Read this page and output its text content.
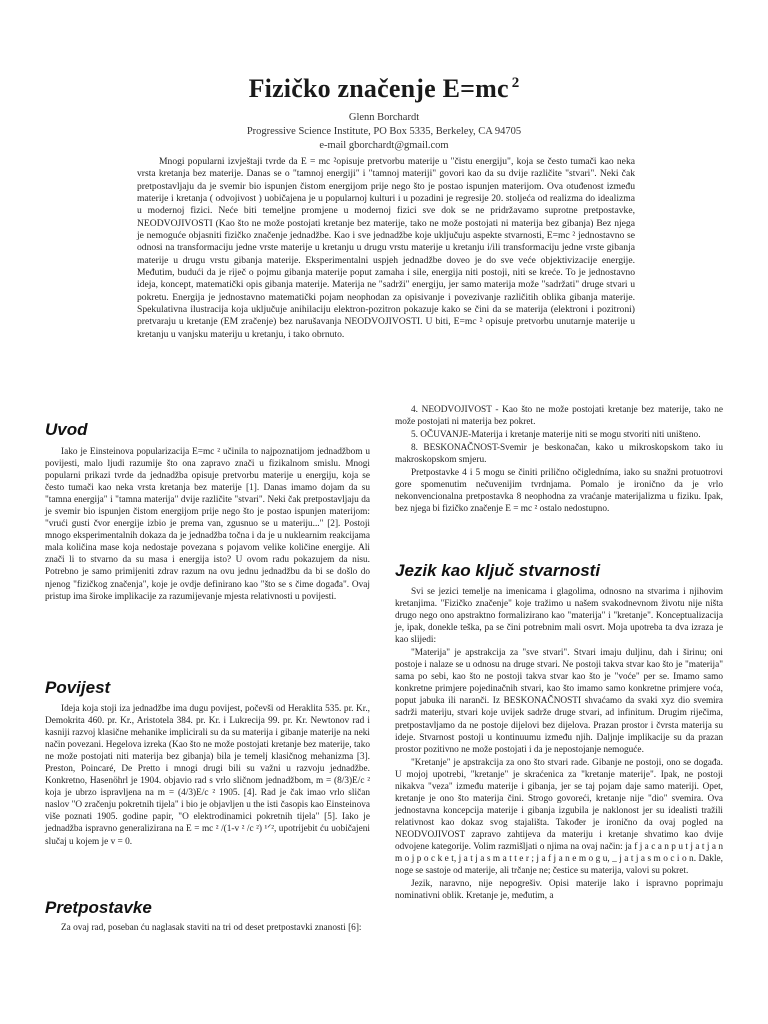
Fizičko značenje E=mc $^2$
Glenn Borchardt
Progressive Science Institute, PO Box 5335, Berkeley, CA 94705
e-mail gborchardt@gmail.com

Mnogi popularni izvještaji tvrde da E = mc ²opisuje pretvorbu materije u "čistu energiju", koja se često tumači kao neka vrsta kretanja bez materije. Danas se o "tamnoj energiji" i "tamnoj materiji" govori kao da su dvije različite "stvari". Neki čak pretpostavljaju da je svemir bio ispunjen čistom energijom prije nego što je postao ispunjen materijom. Ova otuđenost između materije i kretanja ( odvojivost ) uobičajena je u popularnoj kulturi i u pozadini je regresije 20. stoljeća od realizma do idealizma u modernoj fizici. Neće biti temeljne promjene u modernoj fizici sve dok se ne pridržavamo suprotne pretpostavke, NEODVOJIVOSTI (Kao što ne može postojati kretanje bez materije, tako ne može postojati ni materija bez gibanja) Bez njega je nemoguće objasniti fizičko značenje jednadžbe. Kao i sve jednadžbe koje uključuju aspekte stvarnosti, E=mc ² jednostavno se odnosi na transformaciju jedne vrste materije u kretanju u drugu vrstu materije u kretanju i/ili transformaciju jedne vrste gibanja materije u drugu vrstu gibanja materije. Eksperimentalni uspjeh jednadžbe doveo je do sve veće objektivizacije energije. Međutim, budući da je riječ o pojmu gibanja materije poput zamaha i sile, energija niti postoji, niti se kreće. To je jednostavno ideja, koncept, matematički opis gibanja materije. Materija ne "sadrži" energiju, jer samo materija može "sadržati" druge stvari u pokretu. Energija je jednostavno matematički pojam neophodan za opisivanje i povezivanje različitih oblika gibanja materije. Spekulativna ilustracija koja uključuje anihilaciju elektron-pozitron pokazuje kako se čini da se materija (elektroni i pozitroni) pretvaraju u kretanje (EM zračenje) bez narušavanja NEODVOJIVOSTI. U biti, E=mc ² opisuje pretvorbu unutarnje materije u kretanju u vanjsku materiju u kretanju, i tako obrnuto.

Uvod

Iako je Einsteinova popularizacija E=mc ² učinila to najpoznatijom jednadžbom u povijesti, malo ljudi razumije što ona zapravo znači u fizikalnom smislu. Mnogi popularni prikazi tvrde da jednadžba opisuje pretvorbu materije u energiju, koja se često tumači kao neka vrsta kretanja bez materije [1]. Danas imamo dojam da su "tamna energija" i "tamna materija" dvije različite "stvari". Neki čak pretpostavljaju da je svemir bio ispunjen čistom energijom prije nego što je postao ispunjen materijom: "vrući gusti čvor energije izbio je prema van, zgusnuo se u materiju..." [2]. Postoji mnogo eksperimentalnih dokaza da je jednadžba točna i da je u nuklearnim reakcijama mala količina mase koja nedostaje povezana s pojavom velike količine energije. Ali znači li to stvarno da su masa i energija isto? U ovom radu pokazujem da nisu. Potrebno je samo primijeniti zdrav razum na ovu jednu jednadžbu da bi se došlo do njenog "fizičkog značenja", koje je ovdje definirano kao "što se s čime događa". Ovaj pristup ima široke implikacije za razumijevanje mjesta relativnosti u povijesti.

Povijest

Ideja koja stoji iza jednadžbe ima dugu povijest, počevši od Heraklita 535. pr. Kr., Demokrita 460. pr. Kr., Aristotela 384. pr. Kr. i Lukrecija 99. pr. Kr. Newtonov rad i kasniji razvoj klasične mehanike implicirali su da su materija i gibanje materije na neki način povezani. Hegelova izreka (Kao što ne može postojati kretanje bez materije, tako ne može postojati niti materija bez gibanja) bila je temelj klasičnog mehanizma [3]. Preston, Poincaré, De Pretto i mnogi drugi bili su važni u razvoju jednadžbe. Konkretno, Hasenöhrl je 1904. objavio rad s vrlo sličnom jednadžbom, m = (8/3)E/c ² koja je ubrzo ispravljena na m = (4/3)E/c ² 1905. [4]. Rad je čak imao vrlo sličan naslov "O zračenju pokretnih tijela" i bio je objavljen u the isti časopis kao Einsteinova više poznati 1905. godine papir, "O elektrodinamici pokretnih tijela" [5]. Iako je jednadžba ispravno generalizirana na E = mc ² /(1-v ² /c ²) ¹ᐟ², upotrijebit ću uobičajeni slučaj u kojem je v = 0.

Pretpostavke

Za ovaj rad, poseban ću naglasak staviti na tri od deset pretpostavki znanosti [6]:

4. NEODVOJIVOST - Kao što ne može postojati kretanje bez materije, tako ne može postojati ni materija bez pokret.

5. OČUVANJE-Materija i kretanje materije niti se mogu stvoriti niti uništeno.

8. BESKONAČNOST-Svemir je beskonačan, kako u mikroskopskom tako iu makroskopskom smjeru.

Pretpostavke 4 i 5 mogu se činiti prilično očigledníma, iako su snažni protuotrovi gore spomenutim nečuvenijim tvrdnjama. Pomalo je ironično da je vrlo nekonvencionalna pretpostavka 8 neophodna za vraćanje materijalizma u fiziku. Ipak, bez njega bi fizičko značenje E = mc ² ostalo nedostupno.

Jezik kao ključ stvarnosti

Svi se jezici temelje na imenicama i glagolima, odnosno na stvarima i njihovim kretanjima. "Fizičko značenje" koje tražimo u našem svakodnevnom životu nije ništa drugo nego ono apstraktno formalizirano kao "materija" i "kretanje". Konceptualizacija je, ipak, donekle teška, pa se čini potrebnim mali osvrt. Moja upotreba ta dva izraza je kao slijedi:

"Materija" je apstrakcija za "sve stvari". Stvari imaju duljinu, dah i širinu; oni postoje i nalaze se u odnosu na druge stvari. Ne postoji takva stvar kao što je "materija" sama po sebi, kao što ne postoji takva stvar kao što je "voće" per se. Imamo samo konkretne primjere pojedinačnih stvari, kao što imamo samo konkretne primjere voća, poput jabuka ili naranči. Iz BESKONAČNOSTI shvaćamo da svaki xyz dio svemira sadrži materiju, stvari koje uvijek sadrže druge stvari, ad infinitum. Drugim riječima, pretpostavljamo da ne postoje dijelovi bez dijelova. Prazan prostor i čvrsta materija su ideje. Stvarnost postoji u kontinuumu između njih. Daljnje implikacije su da prazan prostor pozitivno ne može postojati i da je nepostojanje nemoguće.

"Kretanje" je apstrakcija za ono što stvari rade. Gibanje ne postoji, ono se događa. U mojoj upotrebi, "kretanje" je skraćenica za "kretanje materije". Ipak, ne postoji nikakva "veza" između materije i gibanja, jer se taj pojam daje samo materiji. Opet, kretanje je ono što materija čini. Strogo govoreći, kretanje nije "dio" svemira. Ova jednostavna koncepcija materije i gibanja izgubila je naklonost jer su idealisti tražili relativnost kao dokaz svog stajališta. Također je ironično da ovaj pogled na NEODVOJIVOST zapravo zahtijeva da materiju i kretanje shvatimo kao dvije odvojene kategorije. Volim razmišljati o njima na ovaj način: ja f j a c a n p u t j a t j a n m o j p o c k e t, j a t j a s m a t t e r ; j a f j a n e m o g u, _ j a t j a s m o c i o n. Dakle, noge se sastoje od materije, ali trčanje ne; čestice su materija, valovi su pokret.

Jezik, naravno, nije nepogrešiv. Opisi materije lako i ispravno poprimaju nominativni oblik. Kretanje je, međutim, a
